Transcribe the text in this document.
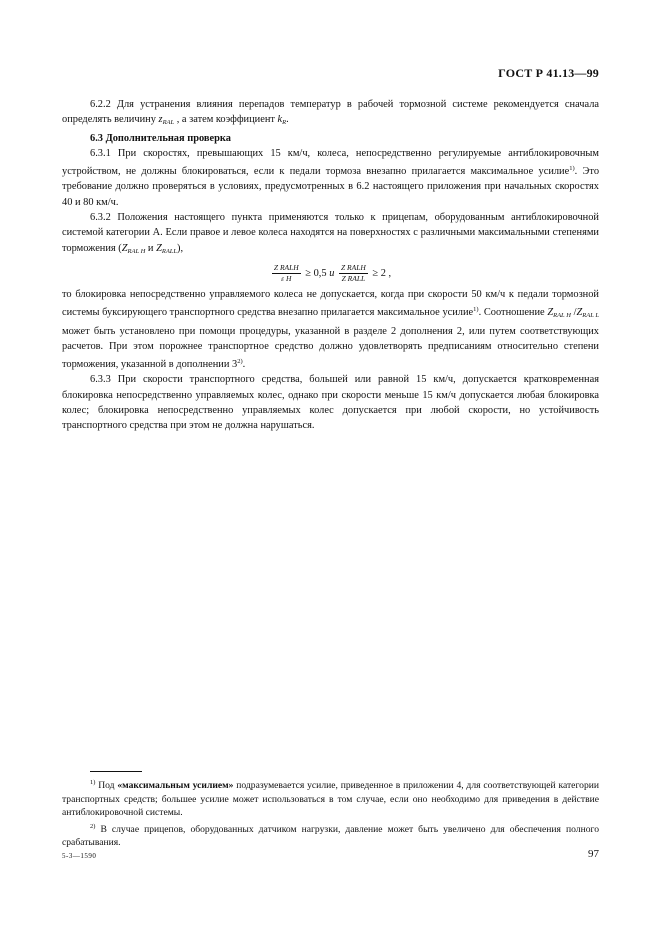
ГОСТ Р 41.13—99

6.2.2 Для устранения влияния перепадов температур в рабочей тормозной системе рекомендуется сначала определять величину $z_{RAL}$ , а затем коэффициент $k_R$.

6.3 Дополнительная проверка

6.3.1 При скоростях, превышающих 15 км/ч, колеса, непосредственно регулируемые антиблокировочным устройством, не должны блокироваться, если к педали тормоза внезапно прилагается максимальное усилие$^{1)}$. Это требование должно проверяться в условиях, предусмотренных в 6.2 настоящего приложения при начальных скоростях 40 и 80 км/ч.

6.3.2 Положения настоящего пункта применяются только к прицепам, оборудованным антиблокировочной системой категории А. Если правое и левое колеса находятся на поверхностях с различными максимальными степенями торможения ($Z_{RAL H}$ и $Z_{RALL}$),

$\frac{\text{Z RALH}}{\text{ε H}} \ge 0,5$ и $\frac{\text{Z RALH}}{\text{Z RALL}} \ge 2$ ,

то блокировка непосредственно управляемого колеса не допускается, когда при скорости 50 км/ч к педали тормозной системы буксирующего транспортного средства внезапно прилагается максимальное усилие$^{1)}$. Соотношение $Z_{RAL H}$ $/Z_{RAL L}$ может быть установлено при помощи процедуры, указанной в разделе 2 дополнения 2, или путем соответствующих расчетов. При этом порожнее транспортное средство должно удовлетворять предписаниям относительно степени торможения, указанной в дополнении 3$^{2)}$.

6.3.3 При скорости транспортного средства, большей или равной 15 км/ч, допускается кратковременная блокировка непосредственно управляемых колес, однако при скорости меньше 15 км/ч допускается любая блокировка колес; блокировка непосредственно управляемых колес допускается при любой скорости, но устойчивость транспортного средства при этом не должна нарушаться.

$^{1)}$ Под «максимальным усилием» подразумевается усилие, приведенное в приложении 4, для соответствующей категории транспортных средств; большее усилие может использоваться в том случае, если оно необходимо для приведения в действие антиблокировочной системы.

$^{2)}$ В случае прицепов, оборудованных датчиком нагрузки, давление может быть увеличено для обеспечения полного срабатывания.

5-3—1590	97
